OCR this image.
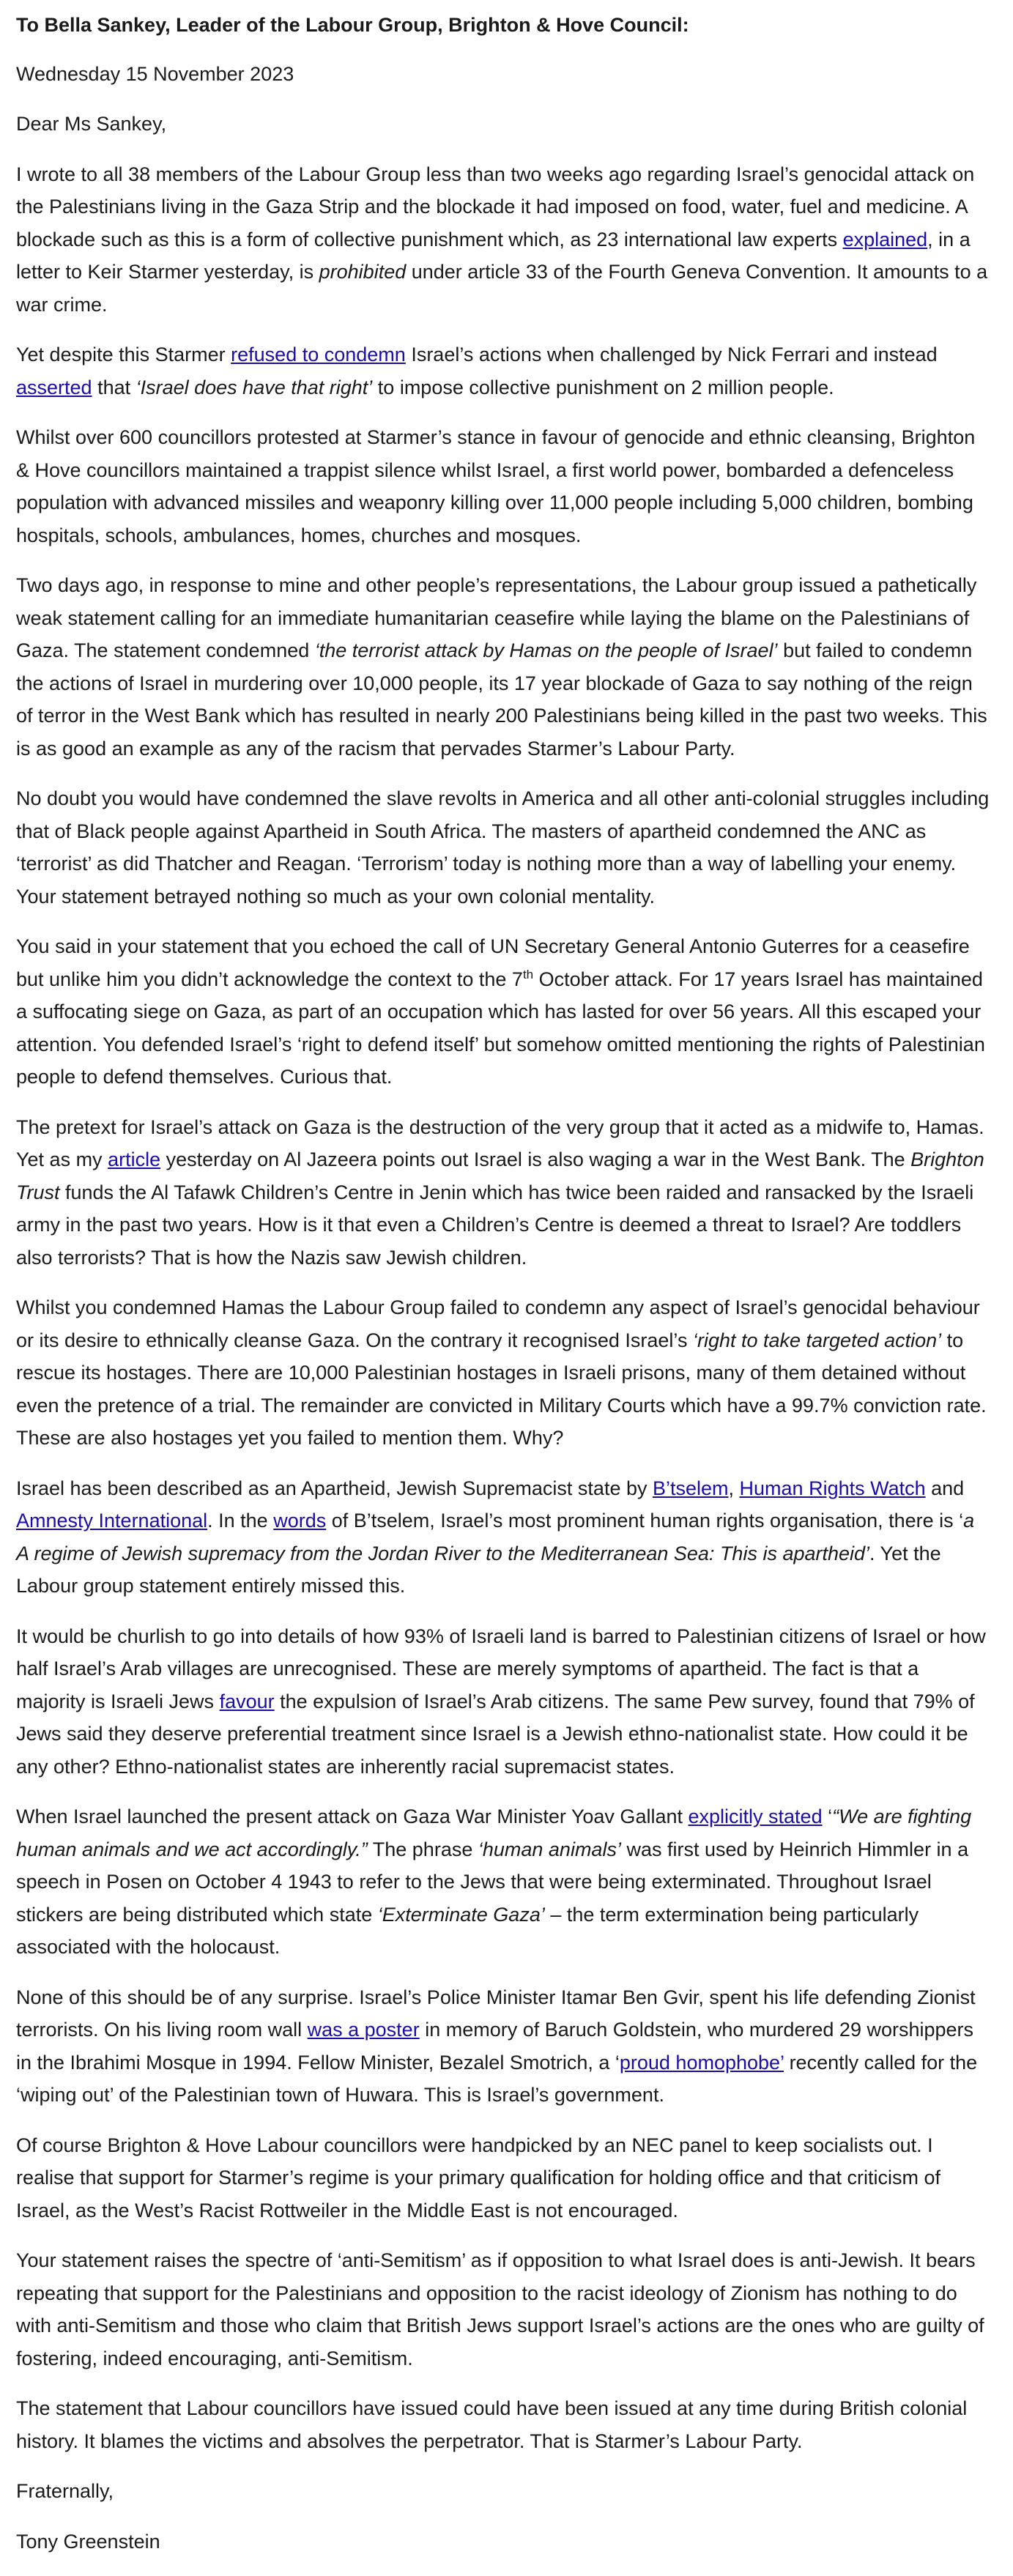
To Bella Sankey, Leader of the Labour Group, Brighton & Hove Council:

Wednesday 15 November 2023

Dear Ms Sankey,

I wrote to all 38 members of the Labour Group less than two weeks ago regarding Israel’s genocidal attack on the Palestinians living in the Gaza Strip and the blockade it had imposed on food, water, fuel and medicine. A blockade such as this is a form of collective punishment which, as 23 international law experts explained, in a letter to Keir Starmer yesterday, is prohibited under article 33 of the Fourth Geneva Convention. It amounts to a war crime.

Yet despite this Starmer refused to condemn Israel’s actions when challenged by Nick Ferrari and instead asserted that ‘Israel does have that right’ to impose collective punishment on 2 million people.

Whilst over 600 councillors protested at Starmer’s stance in favour of genocide and ethnic cleansing, Brighton & Hove councillors maintained a trappist silence whilst Israel, a first world power, bombarded a defenceless population with advanced missiles and weaponry killing over 11,000 people including 5,000 children, bombing hospitals, schools, ambulances, homes, churches and mosques.

Two days ago, in response to mine and other people’s representations, the Labour group issued a pathetically weak statement calling for an immediate humanitarian ceasefire while laying the blame on the Palestinians of Gaza. The statement condemned ‘the terrorist attack by Hamas on the people of Israel’ but failed to condemn the actions of Israel in murdering over 10,000 people, its 17 year blockade of Gaza to say nothing of the reign of terror in the West Bank which has resulted in nearly 200 Palestinians being killed in the past two weeks. This is as good an example as any of the racism that pervades Starmer’s Labour Party.

No doubt you would have condemned the slave revolts in America and all other anti-colonial struggles including that of Black people against Apartheid in South Africa. The masters of apartheid condemned the ANC as ‘terrorist’ as did Thatcher and Reagan. ‘Terrorism’ today is nothing more than a way of labelling your enemy. Your statement betrayed nothing so much as your own colonial mentality.

You said in your statement that you echoed the call of UN Secretary General Antonio Guterres for a ceasefire but unlike him you didn’t acknowledge the context to the 7th October attack. For 17 years Israel has maintained a suffocating siege on Gaza, as part of an occupation which has lasted for over 56 years. All this escaped your attention. You defended Israel’s ‘right to defend itself’ but somehow omitted mentioning the rights of Palestinian people to defend themselves. Curious that.

The pretext for Israel’s attack on Gaza is the destruction of the very group that it acted as a midwife to, Hamas. Yet as my article yesterday on Al Jazeera points out Israel is also waging a war in the West Bank. The Brighton Trust funds the Al Tafawk Children’s Centre in Jenin which has twice been raided and ransacked by the Israeli army in the past two years. How is it that even a Children’s Centre is deemed a threat to Israel? Are toddlers also terrorists? That is how the Nazis saw Jewish children.

Whilst you condemned Hamas the Labour Group failed to condemn any aspect of Israel’s genocidal behaviour or its desire to ethnically cleanse Gaza. On the contrary it recognised Israel’s ‘right to take targeted action’ to rescue its hostages. There are 10,000 Palestinian hostages in Israeli prisons, many of them detained without even the pretence of a trial. The remainder are convicted in Military Courts which have a 99.7% conviction rate. These are also hostages yet you failed to mention them. Why?

Israel has been described as an Apartheid, Jewish Supremacist state by B’tselem, Human Rights Watch and Amnesty International. In the words of B’tselem, Israel’s most prominent human rights organisation, there is ‘a A regime of Jewish supremacy from the Jordan River to the Mediterranean Sea: This is apartheid’. Yet the Labour group statement entirely missed this.

It would be churlish to go into details of how 93% of Israeli land is barred to Palestinian citizens of Israel or how half Israel’s Arab villages are unrecognised. These are merely symptoms of apartheid. The fact is that a majority is Israeli Jews favour the expulsion of Israel’s Arab citizens. The same Pew survey, found that 79% of Jews said they deserve preferential treatment since Israel is a Jewish ethno-nationalist state. How could it be any other? Ethno-nationalist states are inherently racial supremacist states.

When Israel launched the present attack on Gaza War Minister Yoav Gallant explicitly stated ‘“We are fighting human animals and we act accordingly.” The phrase ‘human animals’ was first used by Heinrich Himmler in a speech in Posen on October 4 1943 to refer to the Jews that were being exterminated. Throughout Israel stickers are being distributed which state ‘Exterminate Gaza’ – the term extermination being particularly associated with the holocaust.

None of this should be of any surprise. Israel’s Police Minister Itamar Ben Gvir, spent his life defending Zionist terrorists. On his living room wall was a poster in memory of Baruch Goldstein, who murdered 29 worshippers in the Ibrahimi Mosque in 1994. Fellow Minister, Bezalel Smotrich, a ‘proud homophobe’ recently called for the ‘wiping out’ of the Palestinian town of Huwara. This is Israel’s government.

Of course Brighton & Hove Labour councillors were handpicked by an NEC panel to keep socialists out. I realise that support for Starmer’s regime is your primary qualification for holding office and that criticism of Israel, as the West’s Racist Rottweiler in the Middle East is not encouraged.

Your statement raises the spectre of ‘anti-Semitism’ as if opposition to what Israel does is anti-Jewish. It bears repeating that support for the Palestinians and opposition to the racist ideology of Zionism has nothing to do with anti-Semitism and those who claim that British Jews support Israel’s actions are the ones who are guilty of fostering, indeed encouraging, anti-Semitism.

The statement that Labour councillors have issued could have been issued at any time during British colonial history. It blames the victims and absolves the perpetrator. That is Starmer’s Labour Party.

Fraternally,

Tony Greenstein
